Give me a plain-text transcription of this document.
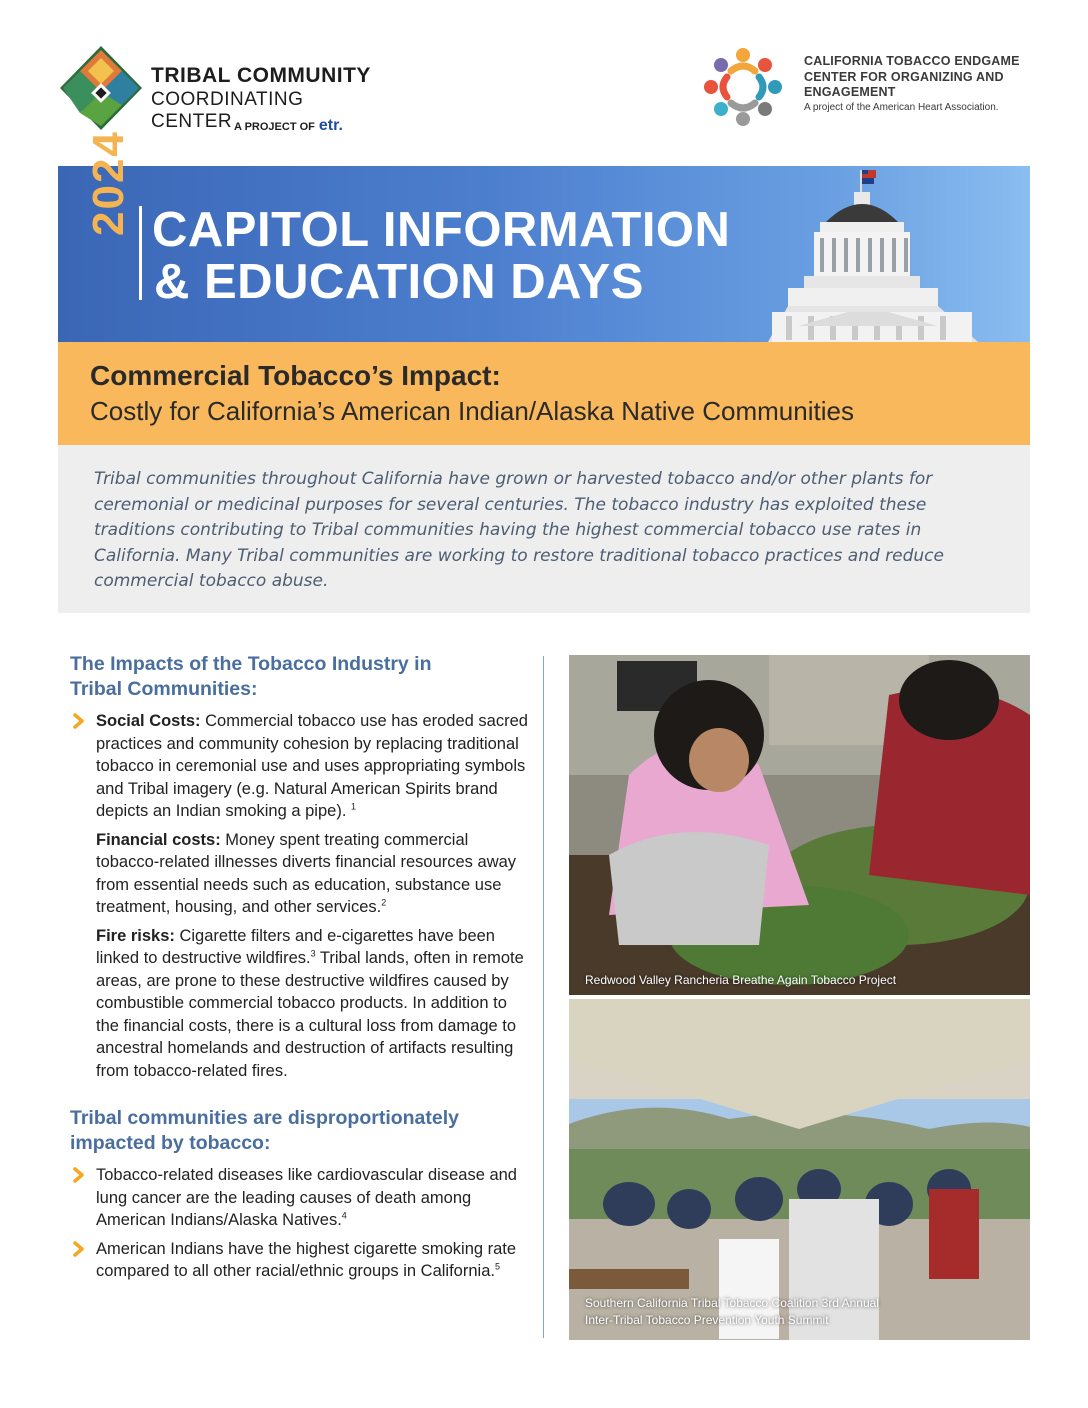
TRIBAL COMMUNITY
COORDINATING CENTER A PROJECT OF etr.
CALIFORNIA TOBACCO ENDGAME CENTER FOR ORGANIZING AND ENGAGEMENT
A project of the American Heart Association.
CAPITOL INFORMATION
& EDUCATION DAYS
2024
Commercial Tobacco’s Impact:
Costly for California’s American Indian/Alaska Native Communities

Tribal communities throughout California have grown or harvested tobacco and/or other plants for ceremonial or medicinal purposes for several centuries. The tobacco industry has exploited these traditions contributing to Tribal communities having the highest commercial tobacco use rates in California. Many Tribal communities are working to restore traditional tobacco practices and reduce commercial tobacco abuse.

The Impacts of the Tobacco Industry in Tribal Communities:
Social Costs: Commercial tobacco use has eroded sacred practices and community cohesion by replacing traditional tobacco in ceremonial use and uses appropriating symbols and Tribal imagery (e.g. Natural American Spirits brand depicts an Indian smoking a pipe). $^1$
Financial costs: Money spent treating commercial tobacco-related illnesses diverts financial resources away from essential needs such as education, substance use treatment, housing, and other services.$^2$
Fire risks: Cigarette filters and e-cigarettes have been linked to destructive wildfires.$^3$ Tribal lands, often in remote areas, are prone to these destructive wildfires caused by combustible commercial tobacco products. In addition to the financial costs, there is a cultural loss from damage to ancestral homelands and destruction of artifacts resulting from tobacco-related fires.
Tribal communities are disproportionately impacted by tobacco:
Tobacco-related diseases like cardiovascular disease and lung cancer are the leading causes of death among American Indians/Alaska Natives.$^4$
American Indians have the highest cigarette smoking rate compared to all other racial/ethnic groups in California.$^5$
Redwood Valley Rancheria Breathe Again Tobacco Project
Southern California Tribal Tobacco Coalition 3rd Annual
Inter-Tribal Tobacco Prevention Youth Summit
